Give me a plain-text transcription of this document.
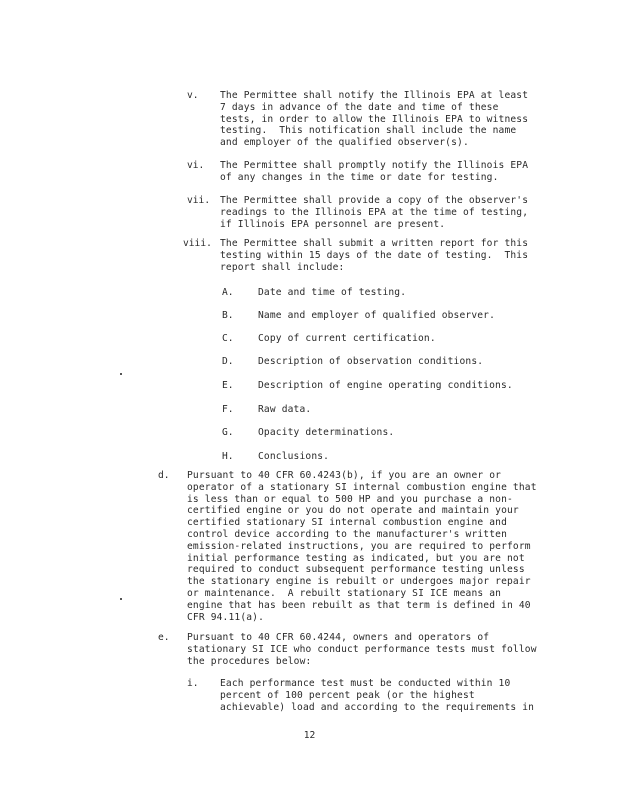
v. The Permittee shall notify the Illinois EPA at least
7 days in advance of the date and time of these
tests, in order to allow the Illinois EPA to witness
testing.  This notification shall include the name
and employer of the qualified observer(s).
vi. The Permittee shall promptly notify the Illinois EPA
of any changes in the time or date for testing.
vii. The Permittee shall provide a copy of the observer's
readings to the Illinois EPA at the time of testing,
if Illinois EPA personnel are present.
viii. The Permittee shall submit a written report for this
testing within 15 days of the date of testing.  This
report shall include:
A.	Date and time of testing.
B.	Name and employer of qualified observer.
C.	Copy of current certification.
D.	Description of observation conditions.
E.	Description of engine operating conditions.
F.	Raw data.
G.	Opacity determinations.
H.	Conclusions.
d. Pursuant to 40 CFR 60.4243(b), if you are an owner or
operator of a stationary SI internal combustion engine that
is less than or equal to 500 HP and you purchase a non-
certified engine or you do not operate and maintain your
certified stationary SI internal combustion engine and
control device according to the manufacturer's written
emission-related instructions, you are required to perform
initial performance testing as indicated, but you are not
required to conduct subsequent performance testing unless
the stationary engine is rebuilt or undergoes major repair
or maintenance.  A rebuilt stationary SI ICE means an
engine that has been rebuilt as that term is defined in 40
CFR 94.11(a).
e. Pursuant to 40 CFR 60.4244, owners and operators of
stationary SI ICE who conduct performance tests must follow
the procedures below:
i. Each performance test must be conducted within 10
percent of 100 percent peak (or the highest
achievable) load and according to the requirements in
12
